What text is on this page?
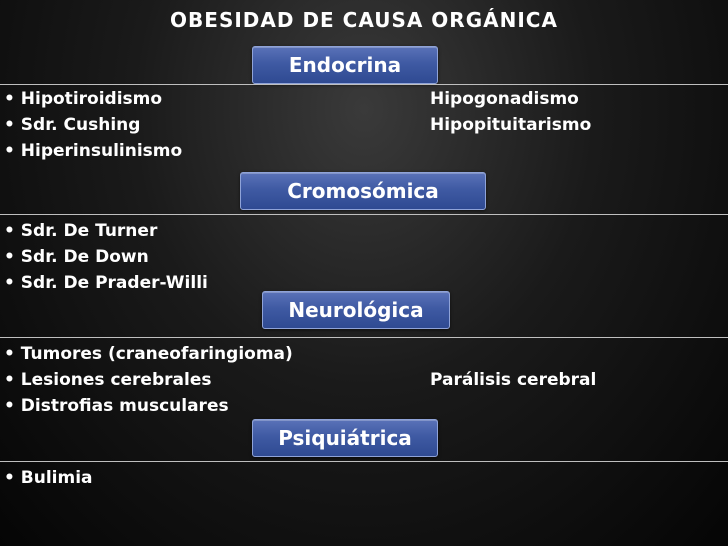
OBESIDAD DE CAUSA ORGÁNICA
Endocrina
• Hipotiroidismo
• Sdr. Cushing
• Hiperinsulinismo
Hipogonadismo
Hipopituitarismo
Cromosómica
• Sdr. De Turner
• Sdr. De Down
• Sdr. De Prader-Willi
Neurológica
• Tumores (craneofaringioma)
• Lesiones cerebrales
• Distrofias musculares
Parálisis cerebral
Psiquiátrica
• Bulimia
